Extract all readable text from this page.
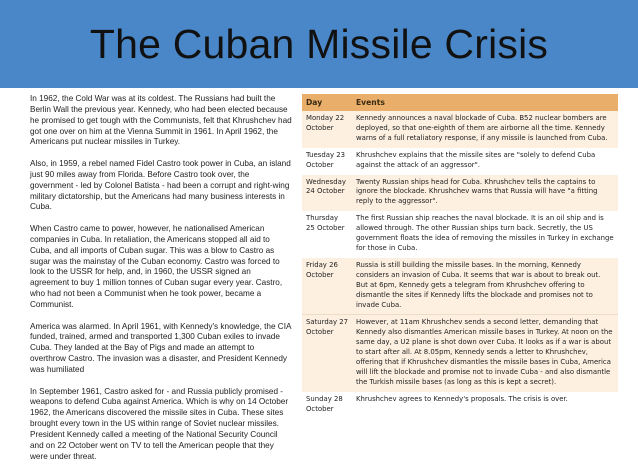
The Cuban Missile Crisis

In 1962, the Cold War was at its coldest. The Russians had built the Berlin Wall the previous year. Kennedy, who had been elected because he promised to get tough with the Communists, felt that Khrushchev had got one over on him at the Vienna Summit in 1961. In April 1962, the Americans put nuclear missiles in Turkey.

Also, in 1959, a rebel named Fidel Castro took power in Cuba, an island just 90 miles away from Florida. Before Castro took over, the government - led by Colonel Batista - had been a corrupt and right-wing military dictatorship, but the Americans had many business interests in Cuba.

When Castro came to power, however, he nationalised American companies in Cuba. In retaliation, the Americans stopped all aid to Cuba, and all imports of Cuban sugar. This was a blow to Castro as sugar was the mainstay of the Cuban economy. Castro was forced to look to the USSR for help, and, in 1960, the USSR signed an agreement to buy 1 million tonnes of Cuban sugar every year. Castro, who had not been a Communist when he took power, became a Communist.

America was alarmed. In April 1961, with Kennedy's knowledge, the CIA funded, trained, armed and transported 1,300 Cuban exiles to invade Cuba. They landed at the Bay of Pigs and made an attempt to overthrow Castro. The invasion was a disaster, and President Kennedy was humiliated

In September 1961, Castro asked for - and Russia publicly promised - weapons to defend Cuba against America. Which is why on 14 October 1962, the Americans discovered the missile sites in Cuba. These sites brought every town in the US within range of Soviet nuclear missiles. President Kennedy called a meeting of the National Security Council and on 22 October went on TV to tell the American people that they were under threat.

Day	Events
Monday 22 October	Kennedy announces a naval blockade of Cuba. B52 nuclear bombers are deployed, so that one-eighth of them are airborne all the time. Kennedy warns of a full retaliatory response, if any missile is launched from Cuba.
Tuesday 23 October	Khrushchev explains that the missile sites are "solely to defend Cuba against the attack of an aggressor".
Wednesday 24 October	Twenty Russian ships head for Cuba. Khrushchev tells the captains to ignore the blockade. Khrushchev warns that Russia will have "a fitting reply to the aggressor".
Thursday 25 October	The first Russian ship reaches the naval blockade. It is an oil ship and is allowed through. The other Russian ships turn back. Secretly, the US government floats the idea of removing the missiles in Turkey in exchange for those in Cuba.
Friday 26 October	Russia is still building the missile bases. In the morning, Kennedy considers an invasion of Cuba. It seems that war is about to break out. But at 6pm, Kennedy gets a telegram from Khrushchev offering to dismantle the sites if Kennedy lifts the blockade and promises not to invade Cuba.
Saturday 27 October	However, at 11am Khrushchev sends a second letter, demanding that Kennedy also dismantles American missile bases in Turkey. At noon on the same day, a U2 plane is shot down over Cuba. It looks as if a war is about to start after all. At 8.05pm, Kennedy sends a letter to Khrushchev, offering that if Khrushchev dismantles the missile bases in Cuba, America will lift the blockade and promise not to invade Cuba - and also dismantle the Turkish missile bases (as long as this is kept a secret).
Sunday 28 October	Khrushchev agrees to Kennedy's proposals. The crisis is over.
